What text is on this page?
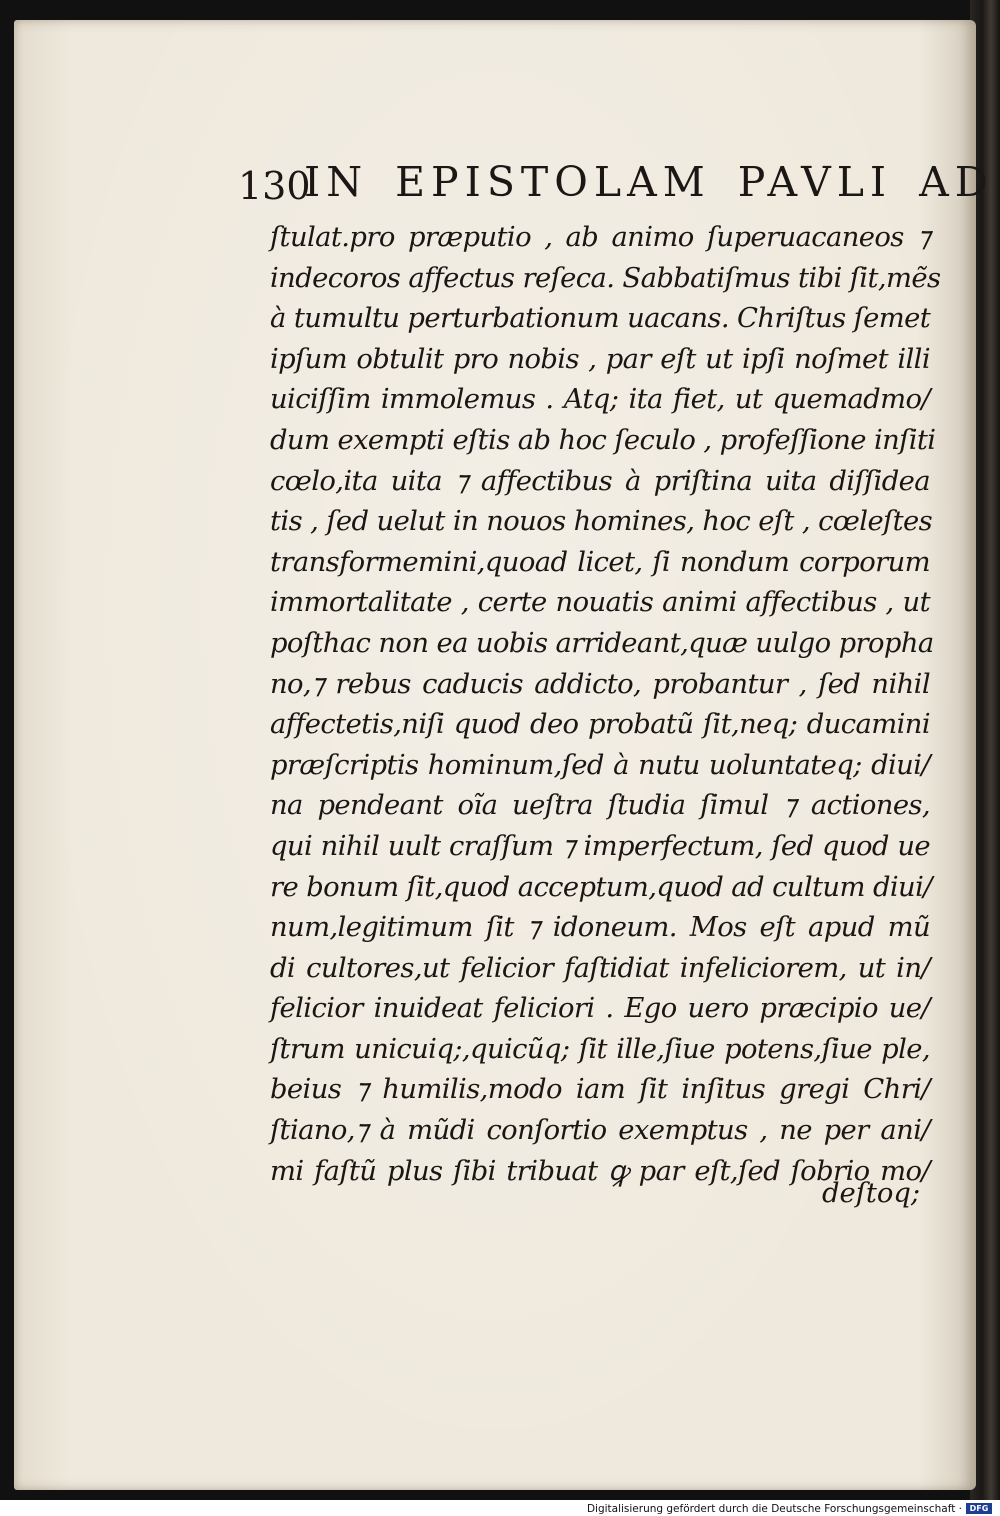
130
IN EPISTOLAM PAVLI AD
ſtulat.pro præputio , ab animo ſuperuacaneos ⁊
indecoros affectus reſeca. Sabbatiſmus tibi ſit,mẽs
à tumultu perturbationum uacans. Chriſtus ſemet
ipſum obtulit pro nobis , par eſt ut ipſi noſmet illi
uiciſſim immolemus . Atq; ita fiet, ut quemadmo/
dum exempti eſtis ab hoc ſeculo , profeſſione inſiti
cœlo,ita uita ⁊ affectibus à priſtina uita diſſidea
tis , ſed uelut in nouos homines, hoc eſt , cœleſtes
transformemini,quoad licet, ſi nondum corporum
immortalitate , certe nouatis animi affectibus , ut
poſthac non ea uobis arrideant,quæ uulgo propha
no,⁊ rebus caducis addicto, probantur , ſed nihil
affectetis,niſi quod deo probatũ ſit,neq; ducamini
præſcriptis hominum,ſed à nutu uoluntateq; diui/
na pendeant oĩa ueſtra ſtudia ſimul ⁊ actiones,
qui nihil uult craſſum ⁊ imperfectum, ſed quod ue
re bonum ſit,quod acceptum,quod ad cultum diui/
num,legitimum ſit ⁊ idoneum. Mos eſt apud mũ
di cultores,ut felicior faſtidiat infeliciorem, ut in/
felicior inuideat feliciori . Ego uero præcipio ue/
ſtrum unicuiq;,quicũq; ſit ille,ſiue potens,ſiue ple,
beius ⁊ humilis,modo iam ſit inſitus gregi Chri/
ſtiano,⁊ à mũdi conſortio exemptus , ne per ani/
mi faſtũ plus ſibi tribuat ꝙ par eſt,ſed ſobrio mo/
deſtoq;
Digitalisierung gefördert durch die Deutsche Forschungsgemeinschaft · DFG
